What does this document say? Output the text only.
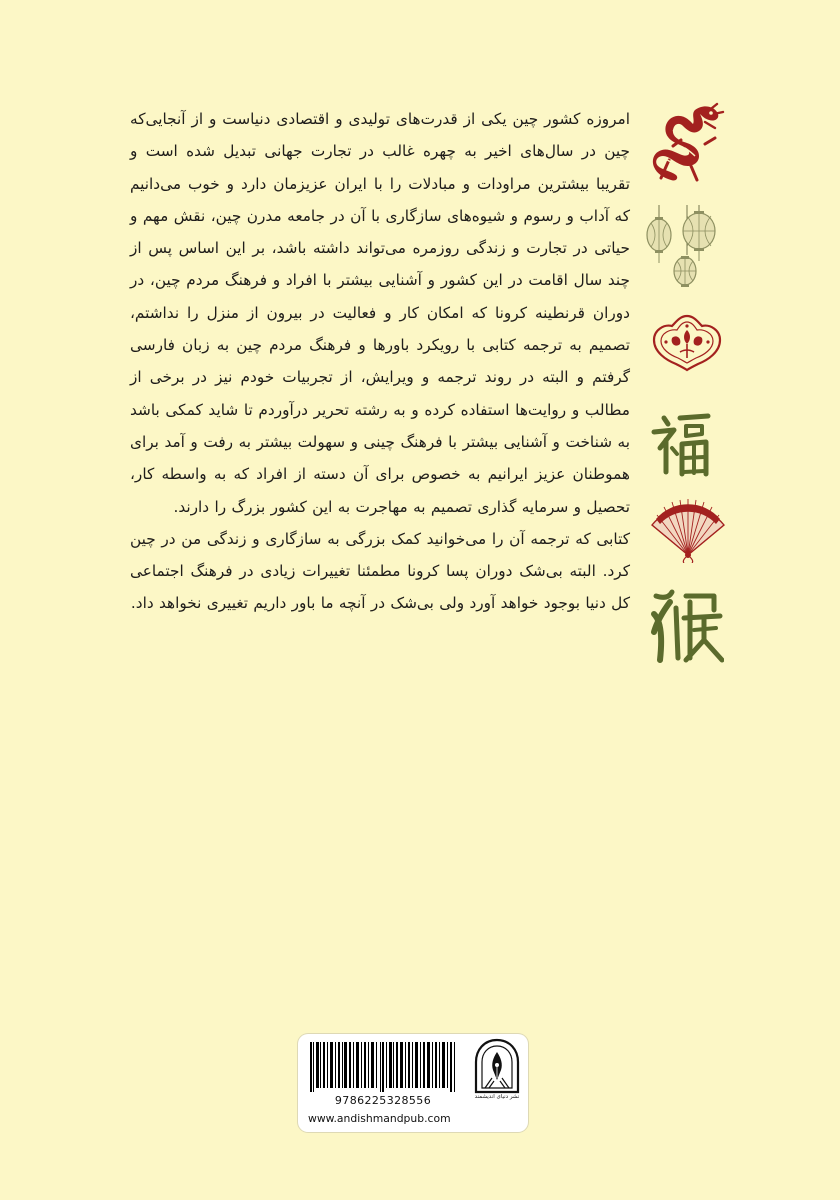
امروزه کشور چین یکی از قدرت‌های تولیدی و اقتصادی دنیاست و از آنجایی‌که چین در سال‌های اخیر به چهره غالب در تجارت جهانی تبدیل شده است و تقریبا بیشترین مراودات و مبادلات را با ایران عزیزمان دارد و خوب می‌دانیم که آداب و رسوم و شیوه‌های سازگاری با آن در جامعه مدرن چین، نقش مهم و حیاتی در تجارت و زندگی روزمره می‌تواند داشته باشد، بر این اساس پس از چند سال اقامت در این کشور و آشنایی بیشتر با افراد و فرهنگ مردم چین، در دوران قرنطینه کرونا که امکان کار و فعالیت در بیرون از منزل را نداشتم، تصمیم به ترجمه کتابی با رویکرد باورها و فرهنگ مردم چین به زبان فارسی گرفتم و البته در روند ترجمه و ویرایش، از تجربیات خودم نیز در برخی از مطالب و روایت‌ها استفاده کرده و به رشته تحریر درآوردم تا شاید کمکی باشد به شناخت و آشنایی بیشتر با فرهنگ چینی و سهولت بیشتر به رفت و آمد برای هموطنان عزیز ایرانیم به خصوص برای آن دسته از افراد که به واسطه کار، تحصیل و سرمایه گذاری تصمیم به مهاجرت به این کشور بزرگ را دارند.

کتابی که ترجمه آن را می‌خوانید کمک بزرگی به سازگاری و زندگی من در چین کرد. البته بی‌شک دوران پسا کرونا مطمئنا تغییرات زیادی در فرهنگ اجتماعی کل دنیا بوجود خواهد آورد ولی بی‌شک در آنچه ما باور داریم تغییری نخواهد داد.

9786225328556
www.andishmandpub.com
نشر دنیای اندیشمند
